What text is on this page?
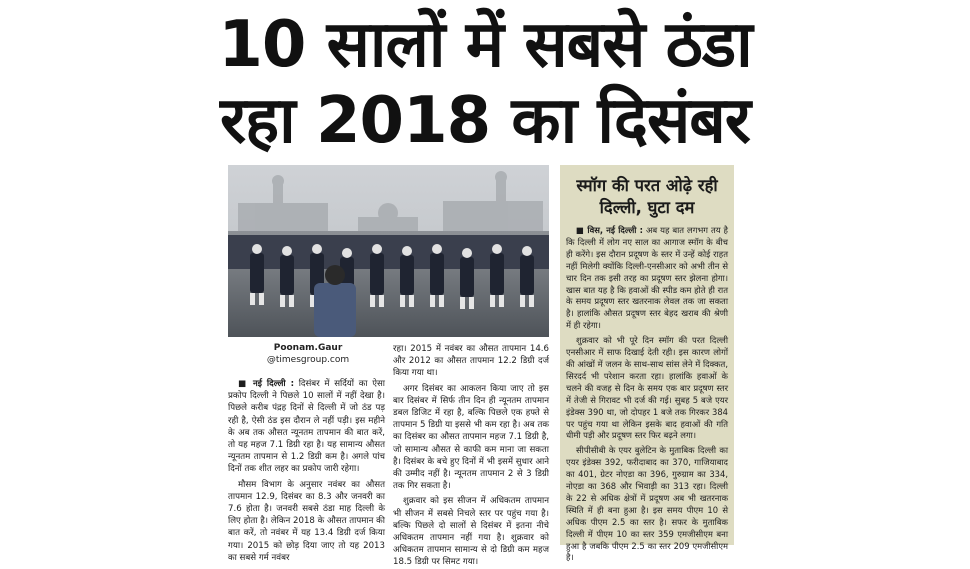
10 सालों में सबसे ठंडा
रहा 2018 का दिसंबर
Poonam.Gaur
@timesgroup.com

■ नई दिल्ली : दिसंबर में सर्दियों का ऐसा प्रकोप दिल्ली ने पिछले 10 सालों में नहीं देखा है। पिछले करीब पंद्रह दिनों से दिल्ली में जो ठंड पड़ रही है, ऐसी ठंड इस दौरान ले नहीं पड़ी। इस महीने के अब तक औसत न्यूनतम तापमान की बात करें, तो यह महज 7.1 डिग्री रहा है। यह सामान्य औसत न्यूनतम तापमान से 1.2 डिग्री कम है। अगले पांच दिनों तक शीत लहर का प्रकोप जारी रहेगा।

मौसम विभाग के अनुसार नवंबर का औसत तापमान 12.9, दिसंबर का 8.3 और जनवरी का 7.6 होता है। जनवरी सबसे ठंडा माह दिल्ली के लिए होता है। लेकिन 2018 के औसत तापमान की बात करें, तो नवंबर में यह 13.4 डिग्री दर्ज किया गया। 2015 को छोड़ दिया जाए तो यह 2013 का सबसे गर्म नवंबर

रहा। 2015 में नवंबर का औसत तापमान 14.6 और 2012 का औसत तापमान 12.2 डिग्री दर्ज किया गया था।

अगर दिसंबर का आकलन किया जाए तो इस बार दिसंबर में सिर्फ तीन दिन ही न्यूनतम तापमान डबल डिजिट में रहा है, बल्कि पिछले एक हफ्ते से तापमान 5 डिग्री या इससे भी कम रहा है। अब तक का दिसंबर का औसत तापमान महज 7.1 डिग्री है, जो सामान्य औसत से काफी कम माना जा सकता है। दिसंबर के बचे हुए दिनों में भी इसमें सुधार आने की उम्मीद नहीं है। न्यूनतम तापमान 2 से 3 डिग्री तक गिर सकता है।

शुक्रवार को इस सीजन में अधिकतम तापमान भी सीजन में सबसे निचले स्तर पर पहुंच गया है। बल्कि पिछले दो सालों से दिसंबर में इतना नीचे अधिकतम तापमान नहीं गया है। शुक्रवार को अधिकतम तापमान सामान्य से दो डिग्री कम महज 18.5 डिग्री पर सिमट गया।

स्मॉग की परत ओढ़े रही दिल्ली, घुटा दम

■ विस, नई दिल्ली : अब यह बात लगभग तय है कि दिल्ली में लोग नए साल का आगाज स्मॉग के बीच ही करेंगे। इस दौरान प्रदूषण के स्तर में उन्हें कोई राहत नहीं मिलेगी क्योंकि दिल्ली-एनसीआर को अभी तीन से चार दिन तक इसी तरह का प्रदूषण स्तर झेलना होगा। खास बात यह है कि हवाओं की स्पीड कम होते ही रात के समय प्रदूषण स्तर खतरनाक लेवल तक जा सकता है। हालांकि औसत प्रदूषण स्तर बेहद खराब की श्रेणी में ही रहेगा।

शुक्रवार को भी पूरे दिन स्मॉग की परत दिल्ली एनसीआर में साफ दिखाई देती रही। इस कारण लोगों की आंखों में जलन के साथ-साथ सांस लेने में दिक्कत, सिरदर्द भी परेशान करता रहा। हालांकि हवाओं के चलने की वजह से दिन के समय एक बार प्रदूषण स्तर में तेजी से गिरावट भी दर्ज की गई। सुबह 5 बजे एयर इंडेक्स 390 था, जो दोपहर 1 बजे तक गिरकर 384 पर पहुंच गया था लेकिन इसके बाद हवाओं की गति धीमी पड़ी और प्रदूषण स्तर फिर बढ़ने लगा।

सीपीसीबी के एयर बुलेटिन के मुताबिक दिल्ली का एयर इंडेक्स 392, फरीदाबाद का 370, गाजियाबाद का 401, ग्रेटर नोएडा का 396, गुरुग्राम का 334, नोएडा का 368 और भिवाड़ी का 313 रहा। दिल्ली के 22 से अधिक क्षेत्रों में प्रदूषण अब भी खतरनाक स्थिति में ही बना हुआ है। इस समय पीएम 10 से अधिक पीएम 2.5 का स्तर है। सफर के मुताबिक दिल्ली में पीएम 10 का स्तर 359 एमजीसीएम बना हुआ है जबकि पीएम 2.5 का स्तर 209 एमजीसीएम है।
